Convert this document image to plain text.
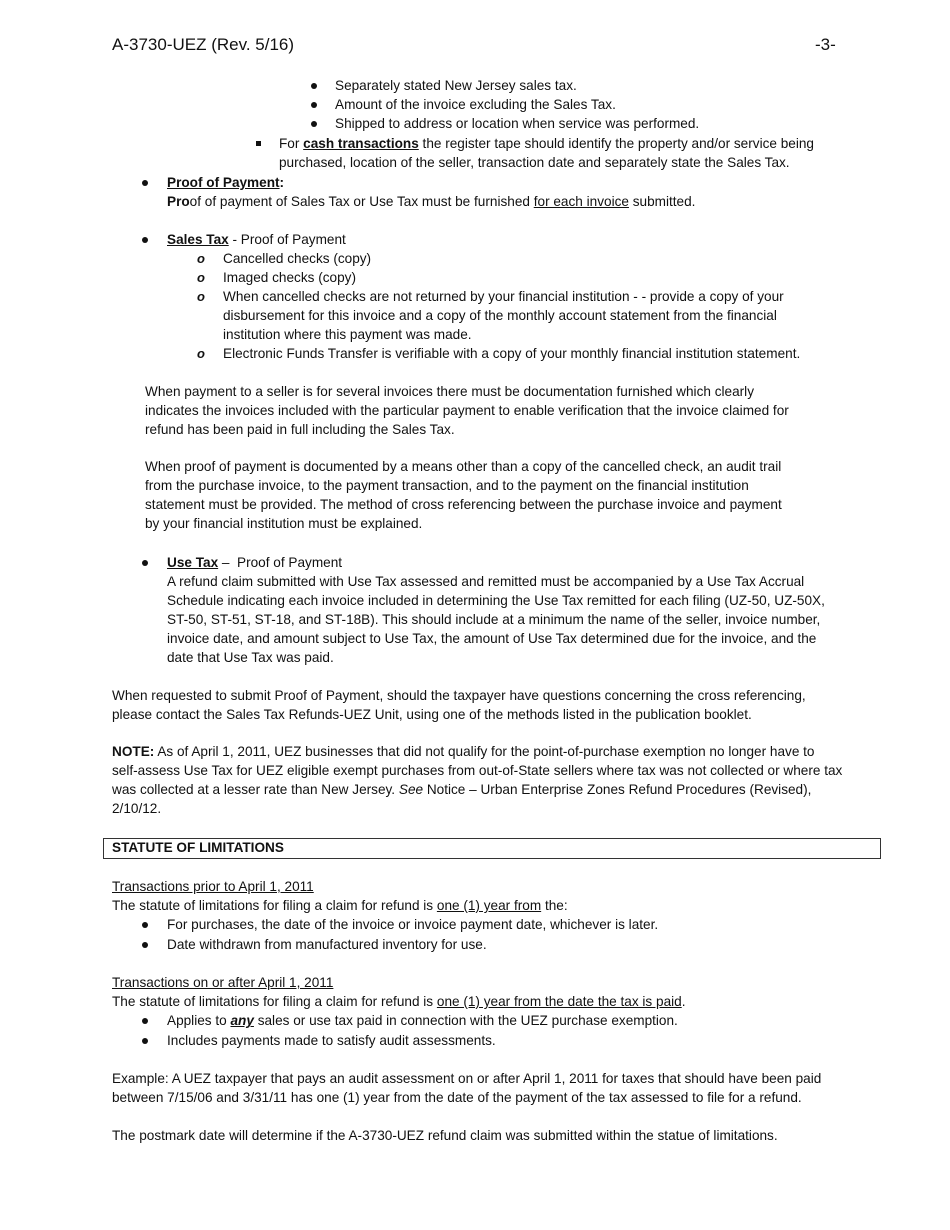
A-3730-UEZ (Rev. 5/16)	-3-
Separately stated New Jersey sales tax.
Amount of the invoice excluding the Sales Tax.
Shipped to address or location when service was performed.
For cash transactions the register tape should identify the property and/or service being
purchased, location of the seller, transaction date and separately state the Sales Tax.
Proof of Payment:
Proof of payment of Sales Tax or Use Tax must be furnished for each invoice submitted.
Sales Tax - Proof of Payment
o Cancelled checks (copy)
o Imaged checks (copy)
o When cancelled checks are not returned by your financial institution - - provide a copy of your
disbursement for this invoice and a copy of the monthly account statement from the financial
institution where this payment was made.
o Electronic Funds Transfer is verifiable with a copy of your monthly financial institution statement.
When payment to a seller is for several invoices there must be documentation furnished which clearly
indicates the invoices included with the particular payment to enable verification that the invoice claimed for
refund has been paid in full including the Sales Tax.
When proof of payment is documented by a means other than a copy of the cancelled check, an audit trail
from the purchase invoice, to the payment transaction, and to the payment on the financial institution
statement must be provided. The method of cross referencing between the purchase invoice and payment
by your financial institution must be explained.
Use Tax –  Proof of Payment
A refund claim submitted with Use Tax assessed and remitted must be accompanied by a Use Tax Accrual
Schedule indicating each invoice included in determining the Use Tax remitted for each filing (UZ-50, UZ-50X,
ST-50, ST-51, ST-18, and ST-18B). This should include at a minimum the name of the seller, invoice number,
invoice date, and amount subject to Use Tax, the amount of Use Tax determined due for the invoice, and the
date that Use Tax was paid.
When requested to submit Proof of Payment, should the taxpayer have questions concerning the cross referencing,
please contact the Sales Tax Refunds-UEZ Unit, using one of the methods listed in the publication booklet.
NOTE: As of April 1, 2011, UEZ businesses that did not qualify for the point-of-purchase exemption no longer have to
self-assess Use Tax for UEZ eligible exempt purchases from out-of-State sellers where tax was not collected or where tax
was collected at a lesser rate than New Jersey. See Notice – Urban Enterprise Zones Refund Procedures (Revised),
2/10/12.
STATUTE OF LIMITATIONS
Transactions prior to April 1, 2011
The statute of limitations for filing a claim for refund is one (1) year from the:
For purchases, the date of the invoice or invoice payment date, whichever is later.
Date withdrawn from manufactured inventory for use.
Transactions on or after April 1, 2011
The statute of limitations for filing a claim for refund is one (1) year from the date the tax is paid.
Applies to any sales or use tax paid in connection with the UEZ purchase exemption.
Includes payments made to satisfy audit assessments.
Example: A UEZ taxpayer that pays an audit assessment on or after April 1, 2011 for taxes that should have been paid
between 7/15/06 and 3/31/11 has one (1) year from the date of the payment of the tax assessed to file for a refund.
The postmark date will determine if the A-3730-UEZ refund claim was submitted within the statue of limitations.
